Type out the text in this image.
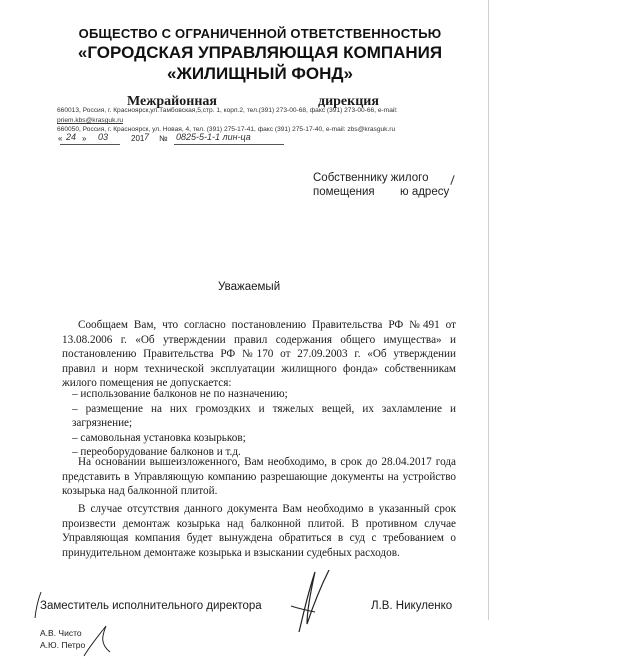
ОБЩЕСТВО С ОГРАНИЧЕННОЙ ОТВЕТСТВЕННОСТЬЮ
«ГОРОДСКАЯ УПРАВЛЯЮЩАЯ КОМПАНИЯ
«ЖИЛИЩНЫЙ ФОНД»
Межрайонная	дирекция
660013, Россия, г. Красноярск,ул.Тамбовская,5,стр. 1, корп.2, тел.(391) 273-00-68, факс (391) 273-00-66, e-mail:
priem.kbs@krasguk.ru
660050, Россия, г. Красноярск, ул. Новая, 4, тел. (391) 275-17-41, факс (391) 275-17-40, e-mail: zbs@krasguk.ru
« 24 » 03	201 7 № 0825-5-1-1 лин-ца
Собственнику жилого
помещения ю адресу
Уважаемый

Сообщаем Вам, что согласно постановлению Правительства РФ №491 от 13.08.2006 г. «Об утверждении правил содержания общего имущества» и постановлению Правительства РФ №170 от 27.09.2003 г. «Об утверждении правил и норм технической эксплуатации жилищного фонда» собственникам жилого помещения не допускается:

– использование балконов не по назначению;

– размещение на них громоздких и тяжелых вещей, их захламление и загрязнение;

– самовольная установка козырьков;

– переоборудование балконов и т.д.

На основании вышеизложенного, Вам необходимо, в срок до 28.04.2017 года представить в Управляющую компанию разрешающие документы на устройство козырька над балконной плитой.

В случае отсутствия данного документа Вам необходимо в указанный срок произвести демонтаж козырька над балконной плитой. В противном случае Управляющая компания будет вынуждена обратиться в суд с требованием о принудительном демонтаже козырька и взыскании судебных расходов.

Заместитель исполнительного директора	Л.В. Никуленко
А.В. Чисто
А.Ю. Петро
